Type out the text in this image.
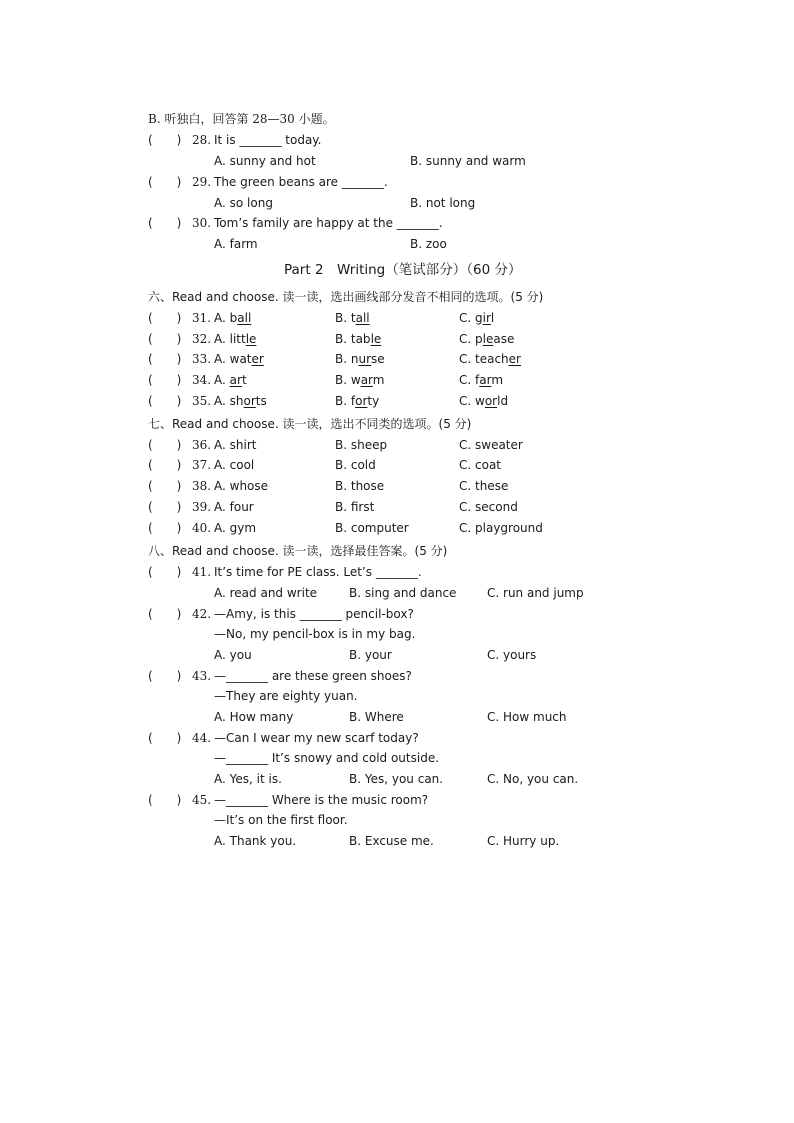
B. 听独白，回答第 28—30 小题。
(　　) 28. It is _______ today.
A. sunny and hot	B. sunny and warm
(　　) 29. The green beans are _______.
A. so long	B. not long
(　　) 30. Tom’s family are happy at the _______.
A. farm	B. zoo
Part 2　Writing（笔试部分）（60 分）
六、Read and choose. 读一读，选出画线部分发音不相同的选项。(5 分)
(　　) 31. A. ball	B. tall	C. girl
(　　) 32. A. little	B. table	C. please
(　　) 33. A. water	B. nurse	C. teacher
(　　) 34. A. art	B. warm	C. farm
(　　) 35. A. shorts	B. forty	C. world
七、Read and choose. 读一读，选出不同类的选项。(5 分)
(　　) 36. A. shirt	B. sheep	C. sweater
(　　) 37. A. cool	B. cold	C. coat
(　　) 38. A. whose	B. those	C. these
(　　) 39. A. four	B. first	C. second
(　　) 40. A. gym	B. computer	C. playground
八、Read and choose. 读一读，选择最佳答案。(5 分)
(　　) 41. It’s time for PE class. Let’s _______.
A. read and write	B. sing and dance	C. run and jump
(　　) 42. —Amy, is this _______ pencil-box?
—No, my pencil-box is in my bag.
A. you	B. your	C. yours
(　　) 43. —_______ are these green shoes?
—They are eighty yuan.
A. How many	B. Where	C. How much
(　　) 44. —Can I wear my new scarf today?
—_______ It’s snowy and cold outside.
A. Yes, it is.	B. Yes, you can.	C. No, you can.
(　　) 45. —_______ Where is the music room?
—It’s on the first floor.
A. Thank you.	B. Excuse me.	C. Hurry up.
